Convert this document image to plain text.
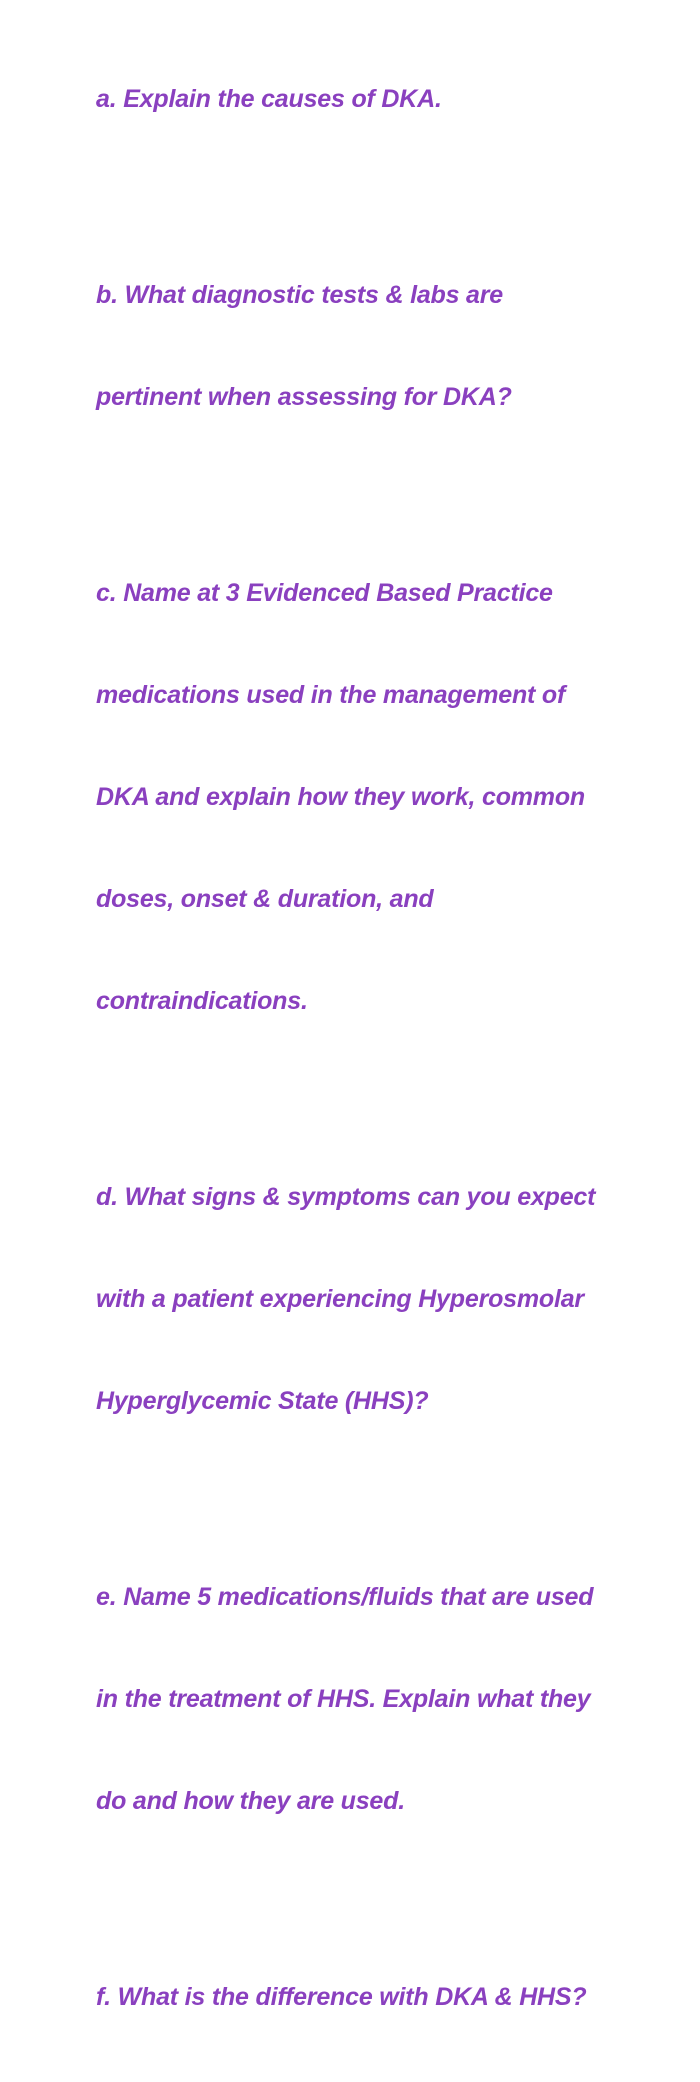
a. Explain the causes of DKA.

b. What diagnostic tests & labs are

pertinent when assessing for DKA?

c. Name at 3 Evidenced Based Practice

medications used in the management of

DKA and explain how they work, common

doses, onset & duration, and

contraindications.

d. What signs & symptoms can you expect

with a patient experiencing Hyperosmolar

Hyperglycemic State (HHS)?

e. Name 5 medications/fluids that are used

in the treatment of HHS. Explain what they

do and how they are used.

f. What is the difference with DKA & HHS?
